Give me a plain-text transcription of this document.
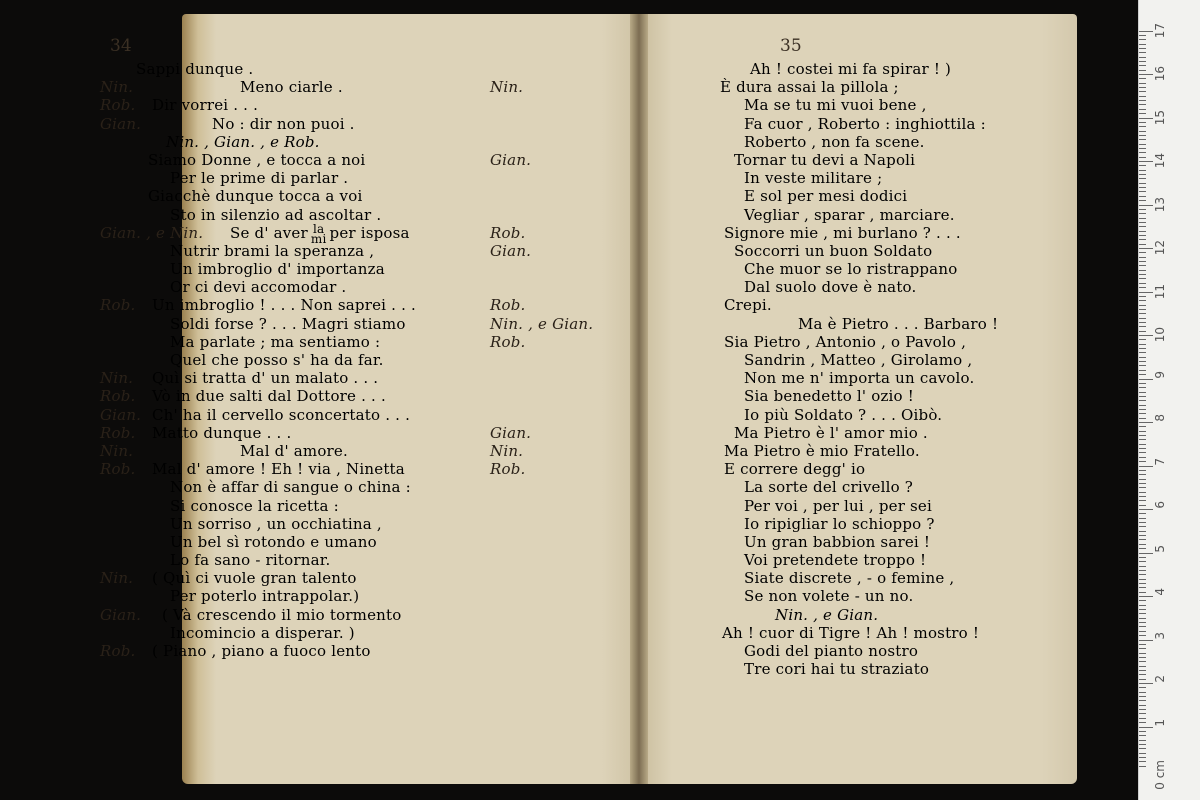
34	35
Sappi dunque .
Nin.	Meno ciarle .
Rob. Dir vorrei . . .
Gian.	No : dir non puoi .
Nin. , Gian. , e Rob.
Siamo Donne , e tocca a noi
Per le prime di parlar .
Giacchè dunque tocca a voi
Sto in silenzio ad ascoltar .
Gian. , e Nin. Se d' aver la
mi per isposa
Nutrir brami la speranza ,
Un imbroglio d' importanza
Or ci devi accomodar .
Rob. Un imbroglio ! . . . Non saprei . . .
Soldi forse ? . . . Magri stiamo
Ma parlate ; ma sentiamo :
Quel che posso s' ha da far.
Nin. Quì si tratta d' un malato . . .
Rob. Vò in due salti dal Dottore . . .
Gian. Ch' ha il cervello sconcertato . . .
Rob. Matto dunque . . .
Nin.	Mal d' amore.
Rob. Mal d' amore ! Eh ! via , Ninetta
Non è affar di sangue o china :
Si conosce la ricetta :
Un sorriso , un occhiatina ,
Un bel sì rotondo e umano
Lo fa sano - ritornar.
Nin. ( Quì ci vuole gran talento
Per poterlo intrappolar.)
Gian. ( Và crescendo il mio tormento
Incomincio a disperar. )
Rob. ( Piano , piano a fuoco lento
Ah ! costei mi fa spirar ! )
Nin.	È dura assai la pillola ;
Ma se tu mi vuoi bene ,
Fa cuor , Roberto : inghiottila :
Roberto , non fa scene.
Gian.	Tornar tu devi a Napoli
In veste militare ;
E sol per mesi dodici
Vegliar , sparar , marciare.
Rob.	Signore mie , mi burlano ? . . .
Gian.	Soccorri un buon Soldato
Che muor se lo ristrappano
Dal suolo dove è nato.
Rob.	Crepi.
Nin. , e Gian.	Ma è Pietro . . . Barbaro !
Rob.	Sia Pietro , Antonio , o Pavolo ,
Sandrin , Matteo , Girolamo ,
Non me n' importa un cavolo.
Sia benedetto l' ozio !
Io più Soldato ? . . . Oibò.
Gian.	Ma Pietro è l' amor mio .
Nin.	Ma Pietro è mio Fratello.
Rob.	E correre degg' io
La sorte del crivello ?
Per voi , per lui , per sei
Io ripigliar lo schioppo ?
Un gran babbion sarei !
Voi pretendete troppo !
Siate discrete , - o femine ,
Se non volete - un no.
Nin. , e Gian.
Ah ! cuor di Tigre ! Ah ! mostro !
Godi del pianto nostro
Tre cori hai tu straziato
0 cm
1
2
3
4
5
6
7
8
9
10
11
12
13
14
15
16
17
